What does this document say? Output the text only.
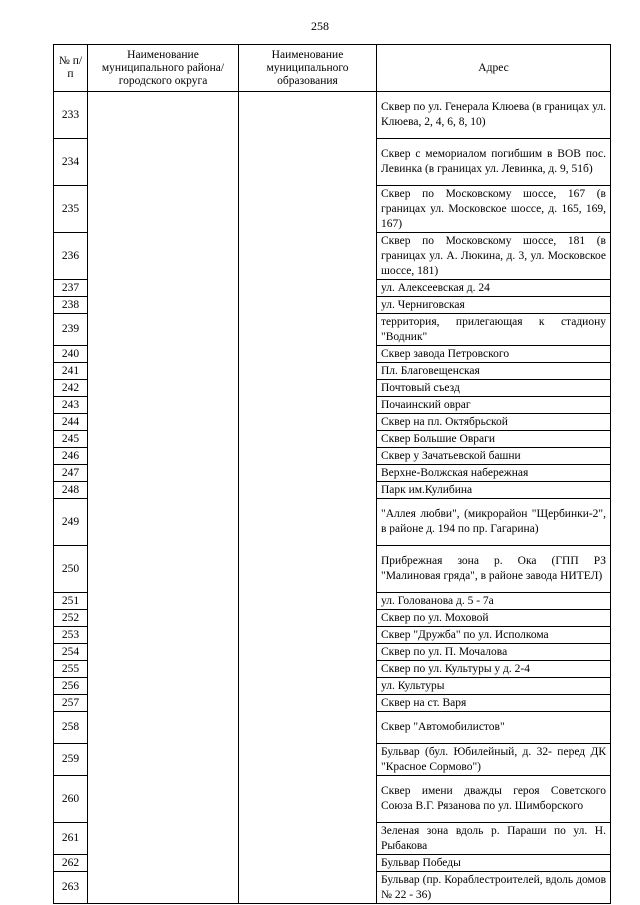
258
№ п/п	Наименование муниципального района/ городского округа	Наименование муниципального образования	Адрес
233			Сквер по ул. Генерала Клюева (в границах ул. Клюева, 2, 4, 6, 8, 10)
234			Сквер с мемориалом погибшим в ВОВ пос. Левинка (в границах ул. Левинка, д. 9, 51б)
235			Сквер по Московскому шоссе, 167 (в границах ул. Московское шоссе, д. 165, 169, 167)
236			Сквер по Московскому шоссе, 181 (в границах ул. А. Люкина, д. 3, ул. Московское шоссе, 181)
237			ул. Алексеевская д. 24
238			ул. Черниговская
239			территория, прилегающая к стадиону "Водник"
240			Сквер завода Петровского
241			Пл. Благовещенская
242			Почтовый съезд
243			Почаинский овраг
244			Сквер на пл. Октябрьской
245			Сквер Большие Овраги
246			Сквер у Зачатьевской башни
247			Верхне-Волжская набережная
248			Парк им.Кулибина
249			"Аллея любви", (микрорайон "Щербинки-2", в районе д. 194 по пр. Гагарина)
250			Прибрежная зона р. Ока (ГПП РЗ "Малиновая гряда", в районе завода НИТЕЛ)
251			ул. Голованова д. 5 - 7а
252			Сквер по ул. Моховой
253			Сквер "Дружба" по ул. Исполкома
254			Сквер по ул. П. Мочалова
255			Сквер по ул. Культуры у д. 2-4
256			ул. Культуры
257			Сквер на ст. Варя
258			Сквер "Автомобилистов"
259			Бульвар (бул. Юбилейный, д. 32- перед ДК "Красное Сормово")
260			Сквер имени дважды героя Советского Союза В.Г. Рязанова по ул. Шимборского
261			Зеленая зона вдоль р. Параши по ул. Н. Рыбакова
262			Бульвар Победы
263			Бульвар (пр. Кораблестроителей, вдоль домов № 22 - 36)
